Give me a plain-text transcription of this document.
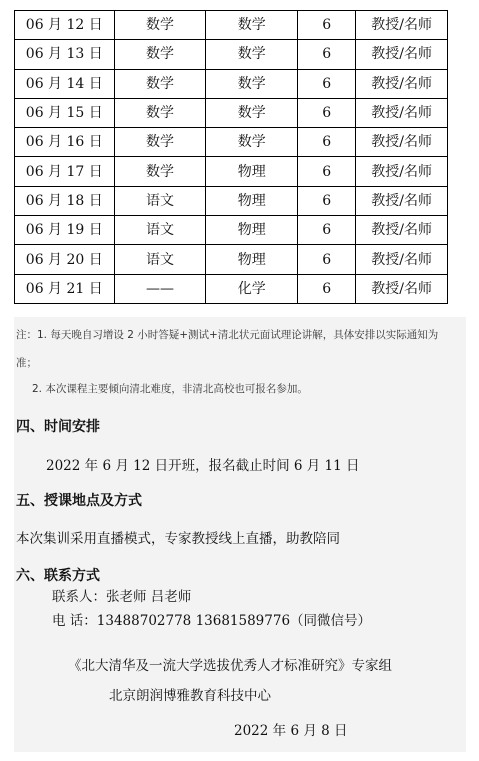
06 月 12 日	数学	数学	6	教授/名师
06 月 13 日	数学	数学	6	教授/名师
06 月 14 日	数学	数学	6	教授/名师
06 月 15 日	数学	数学	6	教授/名师
06 月 16 日	数学	数学	6	教授/名师
06 月 17 日	数学	物理	6	教授/名师
06 月 18 日	语文	物理	6	教授/名师
06 月 19 日	语文	物理	6	教授/名师
06 月 20 日	语文	物理	6	教授/名师
06 月 21 日	——	化学	6	教授/名师
注：1. 每天晚自习增设 2 小时答疑+测试+清北状元面试理论讲解，具体安排以实际通知为
准；
2. 本次课程主要倾向清北难度，非清北高校也可报名参加。
四、时间安排
2022 年 6 月 12 日开班，报名截止时间 6 月 11 日
五、授课地点及方式
本次集训采用直播模式，专家教授线上直播，助教陪同
六、联系方式
联系人：张老师 吕老师
电 话：13488702778 13681589776（同微信号）
《北大清华及一流大学选拔优秀人才标准研究》专家组
北京朗润博雅教育科技中心
2022 年 6 月 8 日
